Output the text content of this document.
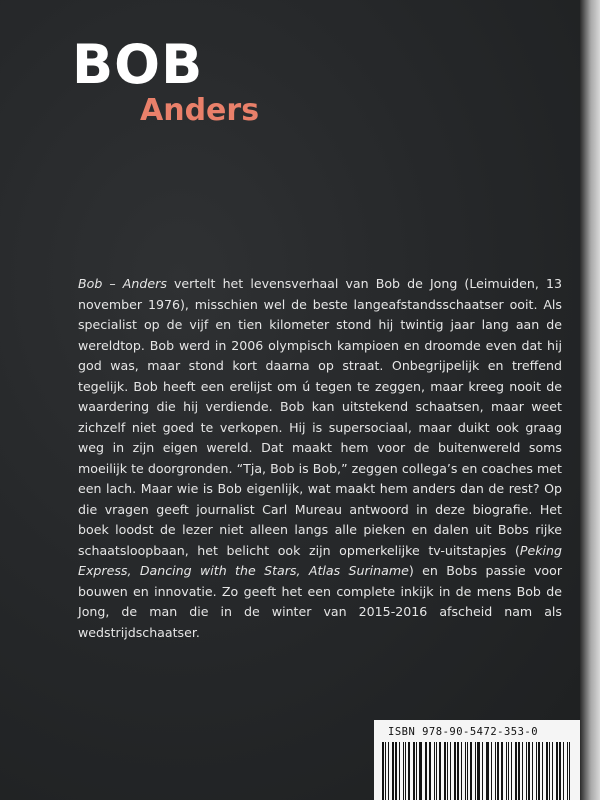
BOB
Anders

Bob – Anders vertelt het levensverhaal van Bob de Jong (Leimuiden, 13 november 1976), misschien wel de beste langeafstandsschaatser ooit. Als specialist op de vijf en tien kilometer stond hij twintig jaar lang aan de wereldtop. Bob werd in 2006 olympisch kampioen en droomde even dat hij god was, maar stond kort daarna op straat. Onbegrijpelijk en treffend tegelijk. Bob heeft een erelijst om ú tegen te zeggen, maar kreeg nooit de waardering die hij verdiende. Bob kan uitstekend schaatsen, maar weet zichzelf niet goed te verkopen. Hij is supersociaal, maar duikt ook graag weg in zijn eigen wereld. Dat maakt hem voor de buitenwereld soms moeilijk te doorgronden. “Tja, Bob is Bob,” zeggen collega’s en coaches met een lach. Maar wie is Bob eigenlijk, wat maakt hem anders dan de rest? Op die vragen geeft journalist Carl Mureau antwoord in deze biografie. Het boek loodst de lezer niet alleen langs alle pieken en dalen uit Bobs rijke schaatsloopbaan, het belicht ook zijn opmerkelijke tv-uitstapjes (Peking Express, Dancing with the Stars, Atlas Suriname) en Bobs passie voor bouwen en innovatie. Zo geeft het een complete inkijk in de mens Bob de Jong, de man die in de winter van 2015-2016 afscheid nam als wedstrijdschaatser.

ISBN 978-90-5472-353-0
